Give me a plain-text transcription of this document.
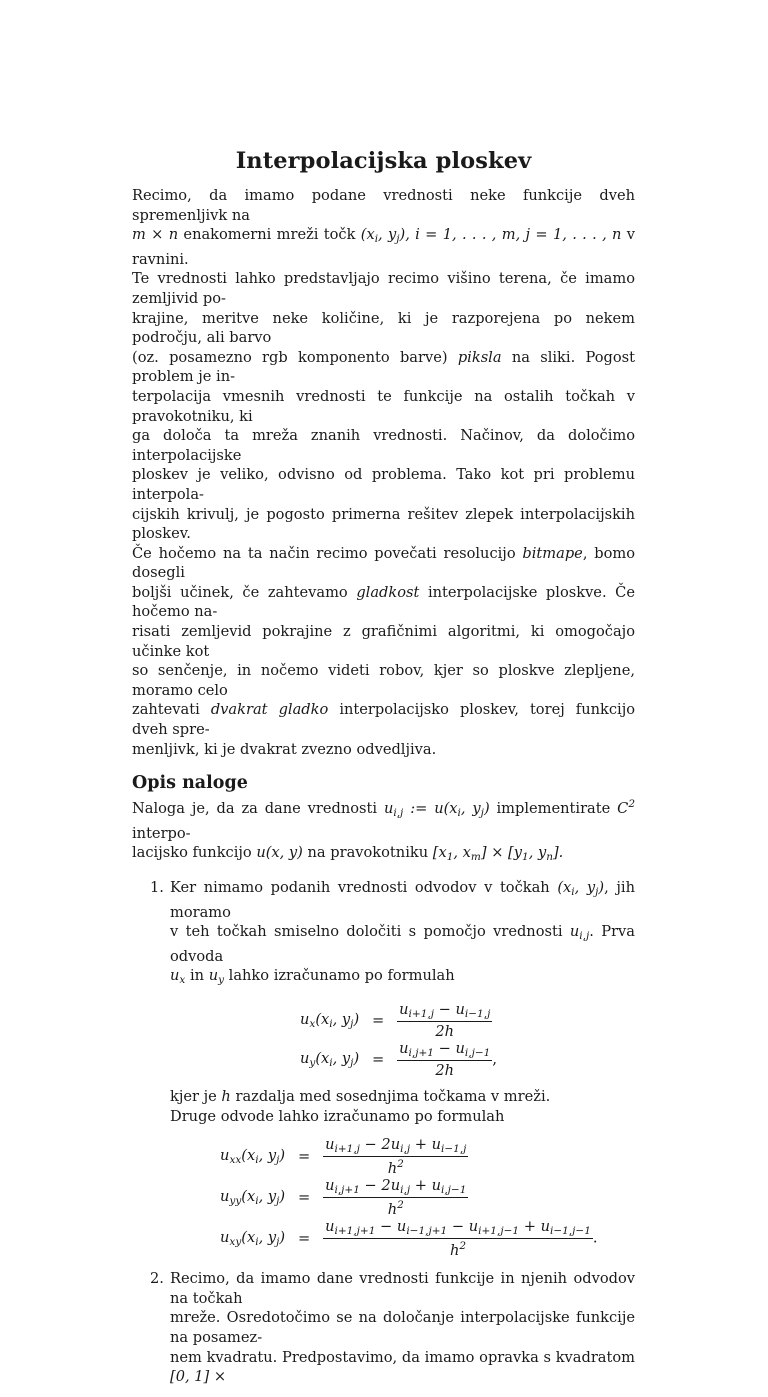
Interpolacijska ploskev
Recimo, da imamo podane vrednosti neke funkcije dveh spremenljivk na
m × n enakomerni mreži točk ($x_i$, $y_j$), i = 1, . . . , m, j = 1, . . . , n v ravnini.
Te vrednosti lahko predstavljajo recimo višino terena, če imamo zemljivid po-
krajine, meritve neke količine, ki je razporejena po nekem področju, ali barvo
(oz. posamezno rgb komponento barve) piksla na sliki. Pogost problem je in-
terpolacija vmesnih vrednosti te funkcije na ostalih točkah v pravokotniku, ki
ga določa ta mreža znanih vrednosti. Načinov, da določimo interpolacijske
ploskev je veliko, odvisno od problema. Tako kot pri problemu interpola-
cijskih krivulj, je pogosto primerna rešitev zlepek interpolacijskih ploskev.
Če hočemo na ta način recimo povečati resolucijo bitmape, bomo dosegli
boljši učinek, če zahtevamo gladkost interpolacijske ploskve. Če hočemo na-
risati zemljevid pokrajine z grafičnimi algoritmi, ki omogočajo učinke kot
so senčenje, in nočemo videti robov, kjer so ploskve zlepljene, moramo celo
zahtevati dvakrat gladko interpolacijsko ploskev, torej funkcijo dveh spre-
menljivk, ki je dvakrat zvezno odvedljiva.
Opis naloge
Naloga je, da za dane vrednosti $u_{i,j}$ := $u(x_i$, $y_j$) implementirate $C^2$ interpo-
lacijsko funkcijo u(x, y) na pravokotniku [$x_1$, $x_m] \times [y_1$, $y_n$].
1. Ker nimamo podanih vrednosti odvodov v točkah ($x_i$, $y_j$), jih moramo
v teh točkah smiselno določiti s pomočjo vrednosti $u_{i,j}$. Prva odvoda
$u_x$ in $u_y$ lahko izračunamo po formulah
$u_x(x_i$, $y_j$)	=	$\frac{u_{i+1,j} - u_{i-1,j}}{2h}$

$u_y(x_i$, $y_j$)	=	$\frac{u_{i,j+1} - u_{i,j-1}}{2h}$ ,
kjer je h razdalja med sosednjima točkama v mreži.
Druge odvode lahko izračunamo po formulah
$u_{xx}(x_i$, $y_j$)	=	$\frac{u_{i+1,j} - 2u_{i,j} + u_{i-1,j}}{h^2}$

$u_{yy}(x_i$, $y_j$)	=	$\frac{u_{i,j+1} - 2u_{i,j} + u_{i,j-1}}{h^2}$

$u_{xy}(x_i$, $y_j$)	=	$\frac{u_{i+1,j+1} - u_{i-1,j+1} - u_{i+1,j-1} + u_{i-1,j-1}}{h^2}$ .
2. Recimo, da imamo dane vrednosti funkcije in njenih odvodov na točkah
mreže. Osredotočimo se na določanje interpolacijske funkcije na posamez-
nem kvadratu. Predpostavimo, da imamo opravka s kvadratom [0, 1] ×
